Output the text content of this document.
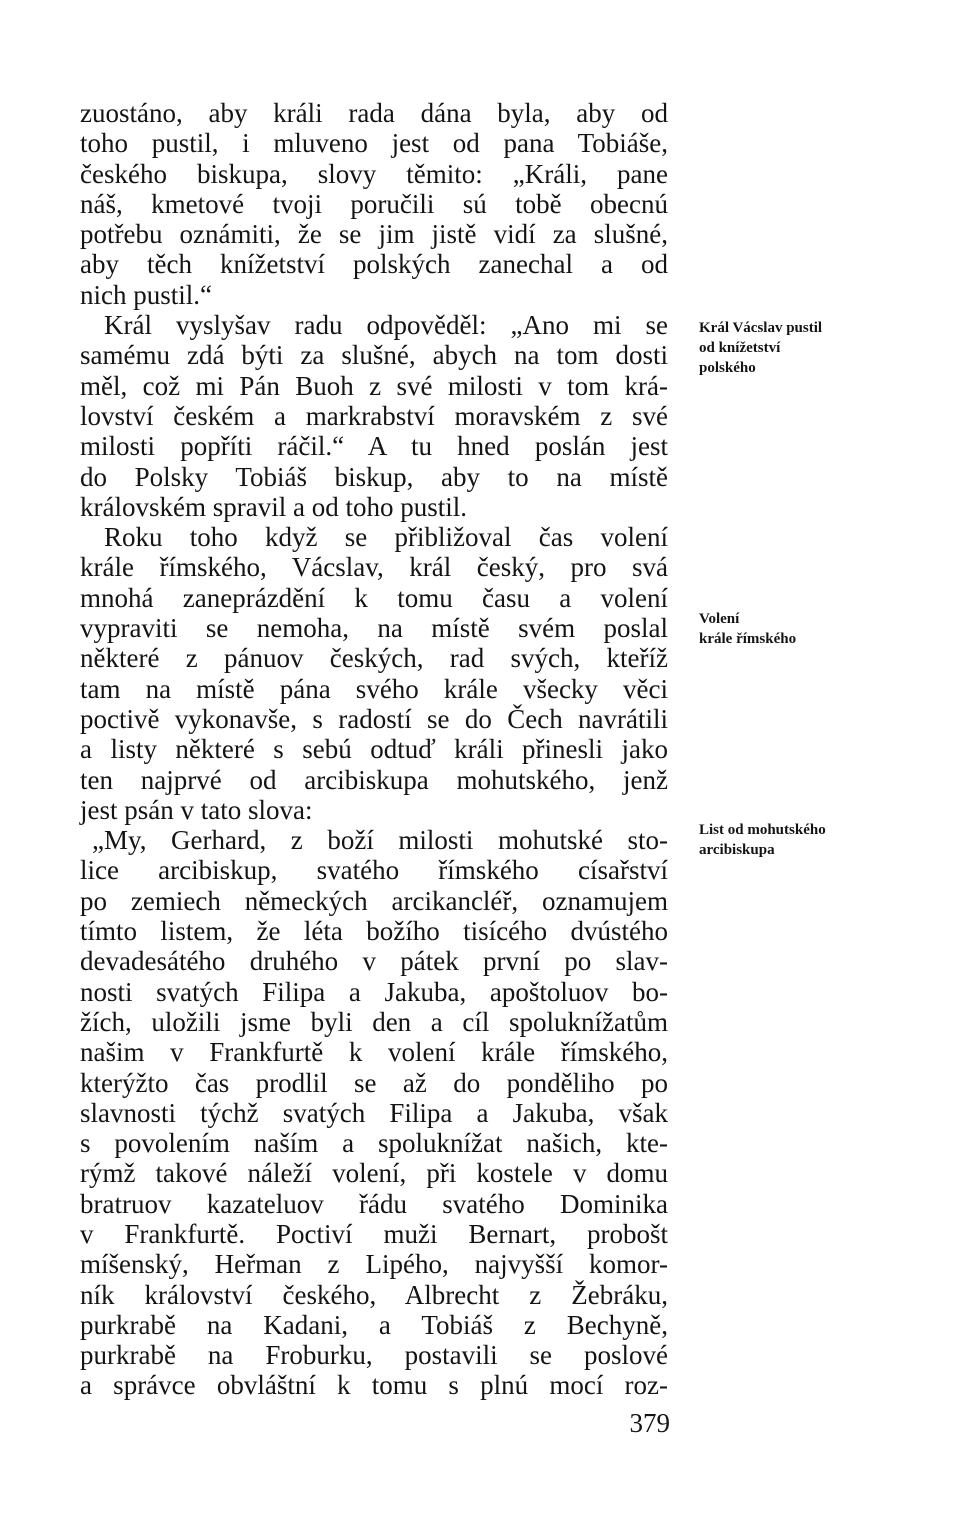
zuostáno, aby králi rada dána byla, aby od
toho pustil, i mluveno jest od pana Tobiáše,
českého biskupa, slovy těmito: „Králi, pane
náš, kmetové tvoji poručili sú tobě obecnú
potřebu oznámiti, že se jim jistě vidí za slušné,
aby těch knížetství polských zanechal a od
nich pustil.“
Král vyslyšav radu odpověděl: „Ano mi se
samému zdá býti za slušné, abych na tom dosti
měl, což mi Pán Buoh z své milosti v tom krá-
lovství českém a markrabství moravském z své
milosti popříti ráčil.“ A tu hned poslán jest
do Polsky Tobiáš biskup, aby to na místě
královském spravil a od toho pustil.
Roku toho když se přibližoval čas volení
krále římského, Vácslav, král český, pro svá
mnohá zaneprázdění k tomu času a volení
vypraviti se nemoha, na místě svém poslal
některé z pánuov českých, rad svých, kteříž
tam na místě pána svého krále všecky věci
poctivě vykonavše, s radostí se do Čech navrátili
a listy některé s sebú odtuď králi přinesli jako
ten najprvé od arcibiskupa mohutského, jenž
jest psán v tato slova:
„My, Gerhard, z boží milosti mohutské sto-
lice arcibiskup, svatého římského císařství
po zemiech německých arcikancléř, oznamujem
tímto listem, že léta božího tisícého dvústého
devadesátého druhého v pátek první po slav-
nosti svatých Filipa a Jakuba, apoštoluov bo-
žích, uložili jsme byli den a cíl spoluknížatům
našim v Frankfurtě k volení krále římského,
kterýžto čas prodlil se až do ponděliho po
slavnosti týchž svatých Filipa a Jakuba, však
s povolením naším a spoluknížat našich, kte-
rýmž takové náleží volení, při kostele v domu
bratruov kazateluov řádu svatého Dominika
v Frankfurtě. Poctiví muži Bernart, probošt
míšenský, Heřman z Lipého, najvyšší komor-
ník království českého, Albrecht z Žebráku,
purkrabě na Kadani, a Tobiáš z Bechyně,
purkrabě na Froburku, postavili se poslové
a správce obvláštní k tomu s plnú mocí roz-
Král Vácslav pustil
od knížetství
polského
Volení
krále římského
List od mohutského
arcibiskupa
379
